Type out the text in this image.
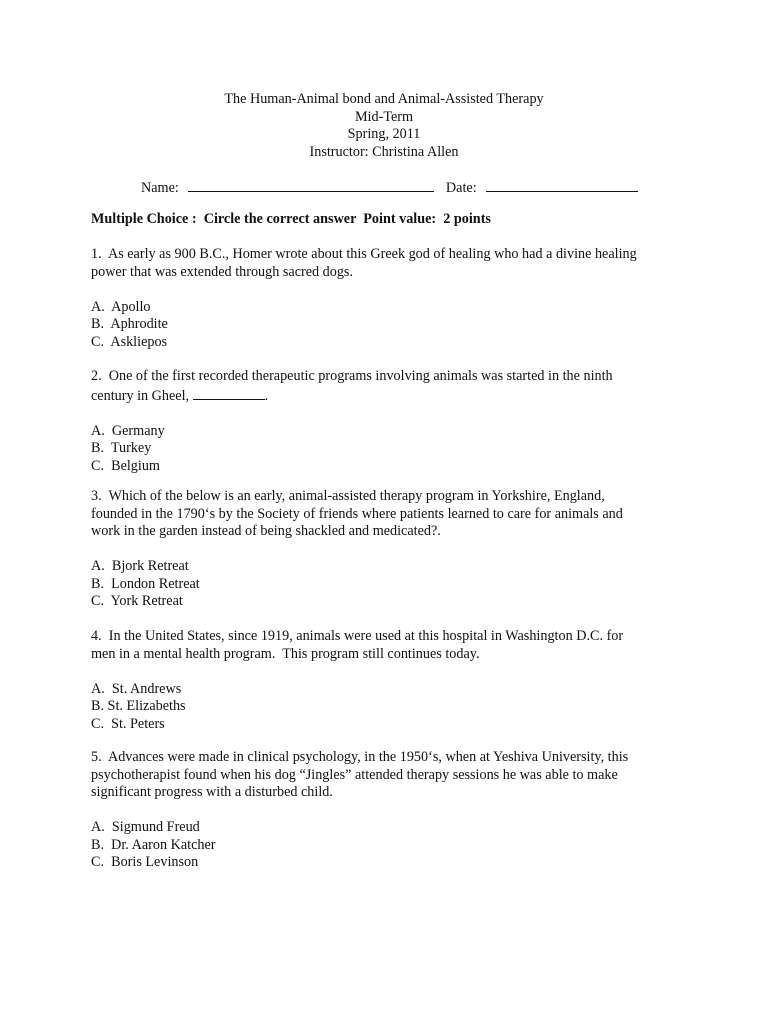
The Human-Animal bond and Animal-Assisted Therapy
Mid-Term
Spring, 2011
Instructor: Christina Allen
Name:	Date:
Multiple Choice :  Circle the correct answer  Point value:  2 points

1.  As early as 900 B.C., Homer wrote about this Greek god of healing who had a divine healing
power that was extended through sacred dogs.

A.  Apollo
B.  Aphrodite
C.  Askliepos

2.  One of the first recorded therapeutic programs involving animals was started in the ninth
century in Gheel,	.

A.  Germany
B.  Turkey
C.  Belgium

3.  Which of the below is an early, animal-assisted therapy program in Yorkshire, England,
founded in the 1790‘s by the Society of friends where patients learned to care for animals and
work in the garden instead of being shackled and medicated?.

A.  Bjork Retreat
B.  London Retreat
C.  York Retreat

4.  In the United States, since 1919, animals were used at this hospital in Washington D.C. for
men in a mental health program.  This program still continues today.

A.  St. Andrews
B. St. Elizabeths
C.  St. Peters

5.  Advances were made in clinical psychology, in the 1950‘s, when at Yeshiva University, this
psychotherapist found when his dog “Jingles” attended therapy sessions he was able to make
significant progress with a disturbed child.

A.  Sigmund Freud
B.  Dr. Aaron Katcher
C.  Boris Levinson
